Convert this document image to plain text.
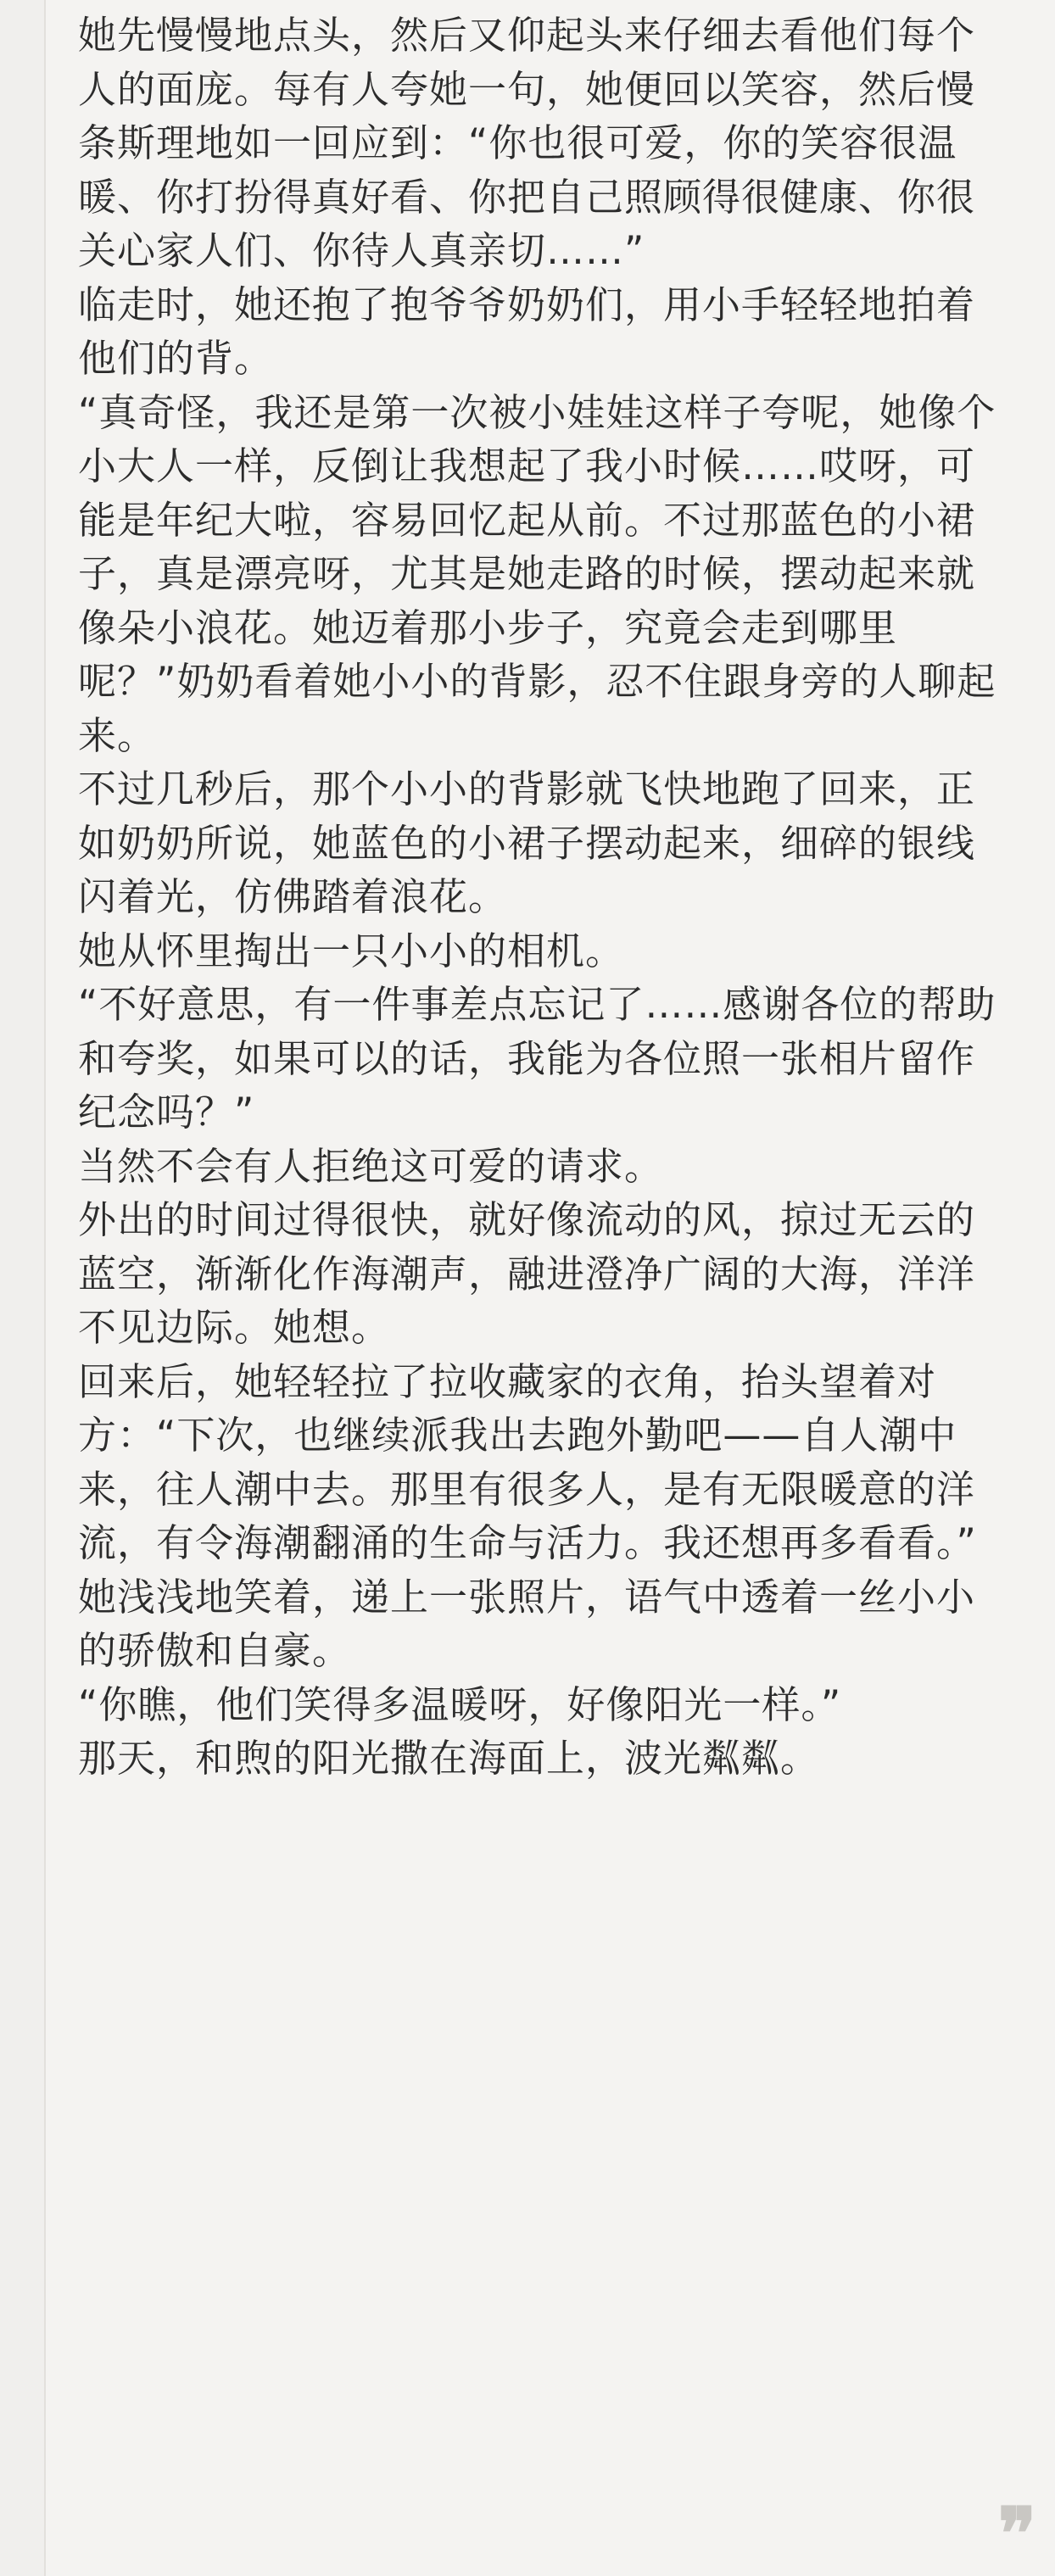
她先慢慢地点头，然后又仰起头来仔细去看他们每个人的面庞。每有人夸她一句，她便回以笑容，然后慢条斯理地如一回应到：“你也很可爱，你的笑容很温暖、你打扮得真好看、你把自己照顾得很健康、你很关心家人们、你待人真亲切……”

临走时，她还抱了抱爷爷奶奶们，用小手轻轻地拍着他们的背。

“真奇怪，我还是第一次被小娃娃这样子夸呢，她像个小大人一样，反倒让我想起了我小时候……哎呀，可能是年纪大啦，容易回忆起从前。不过那蓝色的小裙子，真是漂亮呀，尤其是她走路的时候，摆动起来就像朵小浪花。她迈着那小步子，究竟会走到哪里呢？”奶奶看着她小小的背影，忍不住跟身旁的人聊起来。

不过几秒后，那个小小的背影就飞快地跑了回来，正如奶奶所说，她蓝色的小裙子摆动起来，细碎的银线闪着光，仿佛踏着浪花。

她从怀里掏出一只小小的相机。

“不好意思，有一件事差点忘记了……感谢各位的帮助和夸奖，如果可以的话，我能为各位照一张相片留作纪念吗？”

当然不会有人拒绝这可爱的请求。

外出的时间过得很快，就好像流动的风，掠过无云的蓝空，渐渐化作海潮声，融进澄净广阔的大海，洋洋不见边际。她想。

回来后，她轻轻拉了拉收藏家的衣角，抬头望着对方：“下次，也继续派我出去跑外勤吧——自人潮中来，往人潮中去。那里有很多人，是有无限暖意的洋流，有令海潮翻涌的生命与活力。我还想再多看看。”

她浅浅地笑着，递上一张照片，语气中透着一丝小小的骄傲和自豪。

“你瞧，他们笑得多温暖呀，好像阳光一样。”

那天，和煦的阳光撒在海面上，波光粼粼。

❞
